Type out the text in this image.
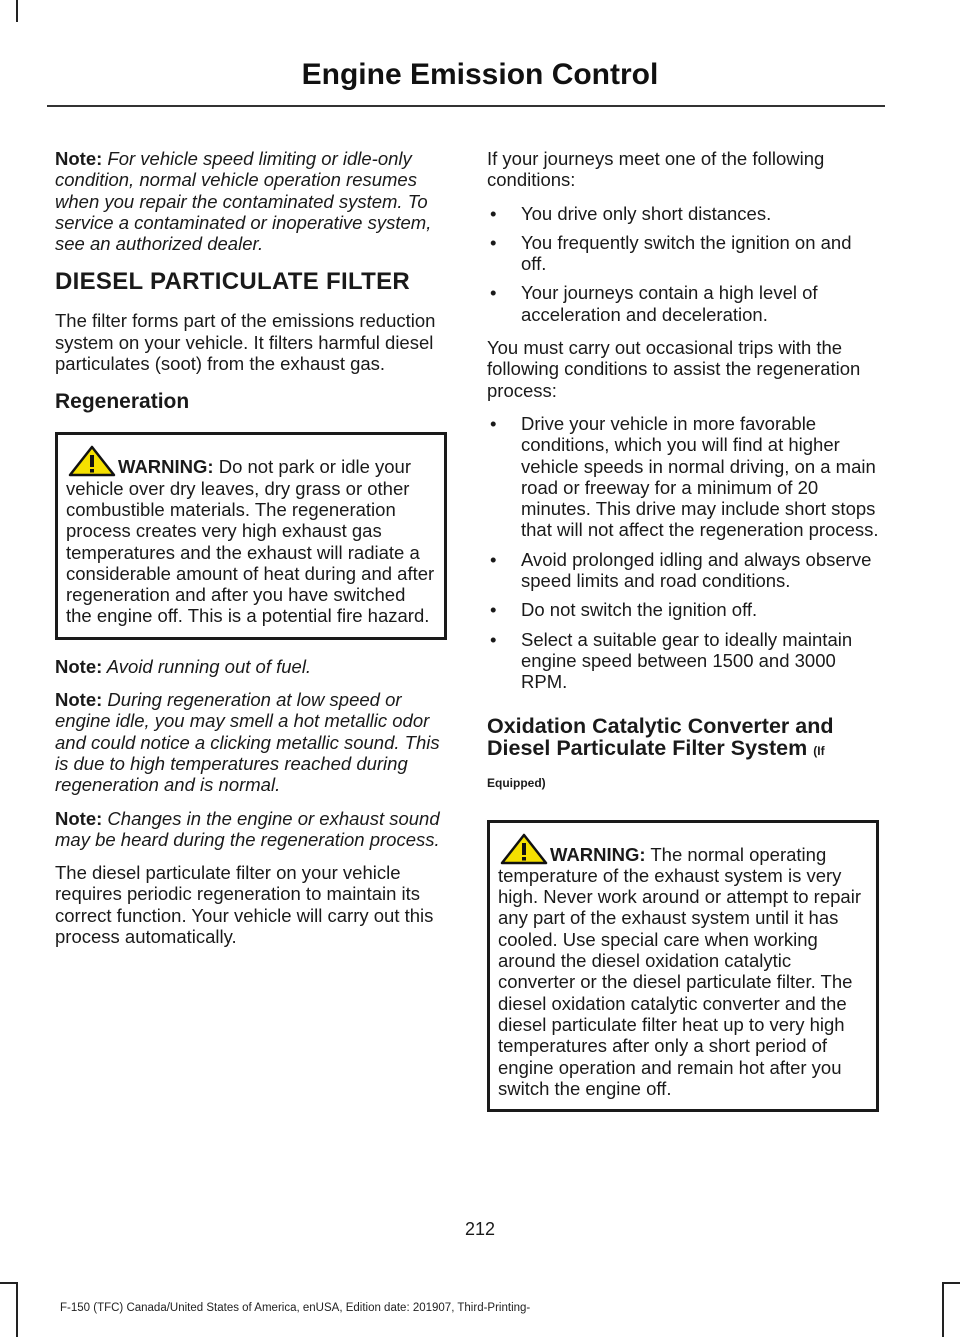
Engine Emission Control

Note: For vehicle speed limiting or idle-only condition, normal vehicle operation resumes when you repair the contaminated system. To service a contaminated or inoperative system, see an authorized dealer.

DIESEL PARTICULATE FILTER

The filter forms part of the emissions reduction system on your vehicle. It filters harmful diesel particulates (soot) from the exhaust gas.

Regeneration
WARNING: Do not park or idle your vehicle over dry leaves, dry grass or other combustible materials. The regeneration process creates very high exhaust gas temperatures and the exhaust will radiate a considerable amount of heat during and after regeneration and after you have switched the engine off. This is a potential fire hazard.

Note: Avoid running out of fuel.

Note: During regeneration at low speed or engine idle, you may smell a hot metallic odor and could notice a clicking metallic sound. This is due to high temperatures reached during regeneration and is normal.

Note: Changes in the engine or exhaust sound may be heard during the regeneration process.

The diesel particulate filter on your vehicle requires periodic regeneration to maintain its correct function. Your vehicle will carry out this process automatically.

If your journeys meet one of the following conditions:

• You drive only short distances.
• You frequently switch the ignition on and off.
• Your journeys contain a high level of acceleration and deceleration.

You must carry out occasional trips with the following conditions to assist the regeneration process:

• Drive your vehicle in more favorable conditions, which you will find at higher vehicle speeds in normal driving, on a main road or freeway for a minimum of 20 minutes. This drive may include short stops that will not affect the regeneration process.
• Avoid prolonged idling and always observe speed limits and road conditions.
• Do not switch the ignition off.
• Select a suitable gear to ideally maintain engine speed between 1500 and 3000 RPM.
Oxidation Catalytic Converter and Diesel Particulate Filter System (If
Equipped)
WARNING: The normal operating temperature of the exhaust system is very high. Never work around or attempt to repair any part of the exhaust system until it has cooled. Use special care when working around the diesel oxidation catalytic converter or the diesel particulate filter. The diesel oxidation catalytic converter and the diesel particulate filter heat up to very high temperatures after only a short period of engine operation and remain hot after you switch the engine off.
212
F-150 (TFC) Canada/United States of America, enUSA, Edition date: 201907, Third-Printing-
